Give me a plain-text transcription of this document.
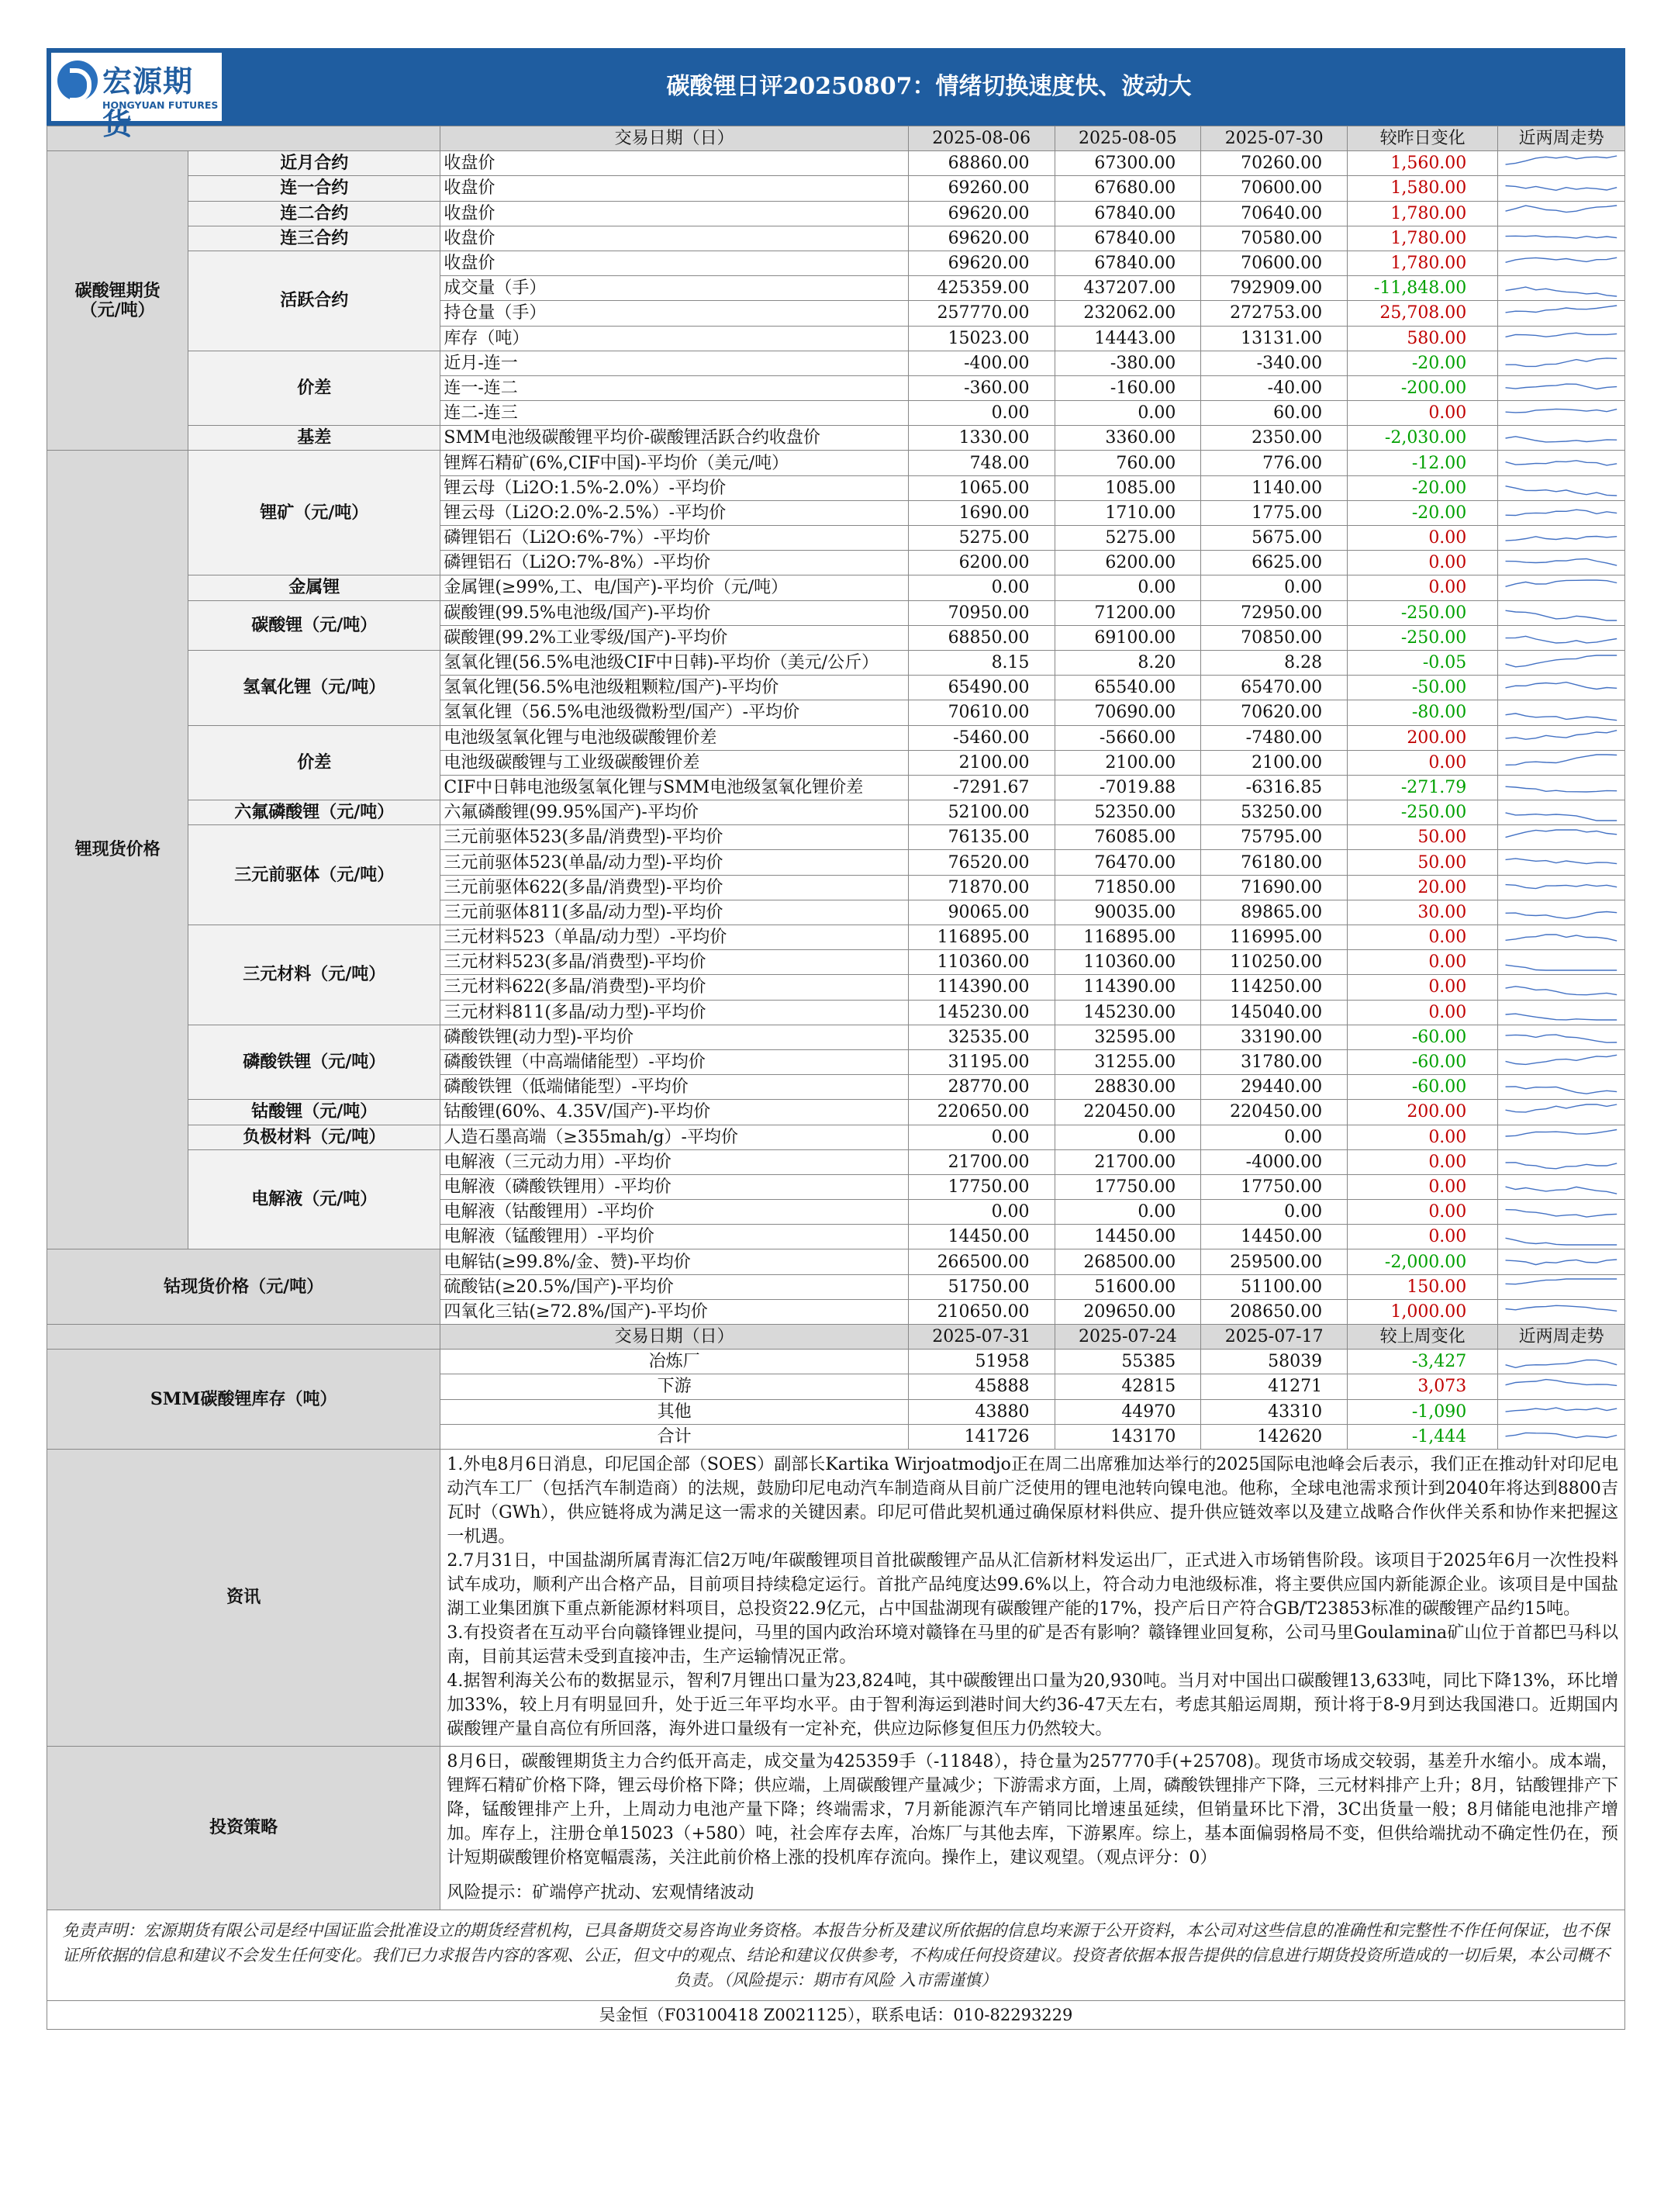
宏源期货
HONGYUAN FUTURES
碳酸锂日评20250807：情绪切换速度快、波动大
		交易日期（日）	2025-08-06	2025-08-05	2025-07-30	较昨日变化	近两周走势
碳酸锂期货
（元/吨）	近月合约	收盘价	68860.00	67300.00	70260.00	1,560.00	

	连一合约	收盘价	69260.00	67680.00	70600.00	1,580.00	

	连二合约	收盘价	69620.00	67840.00	70640.00	1,780.00	

	连三合约	收盘价	69620.00	67840.00	70580.00	1,780.00	

	活跃合约	收盘价	69620.00	67840.00	70600.00	1,780.00	

		成交量（手）	425359.00	437207.00	792909.00	-11,848.00	

		持仓量（手）	257770.00	232062.00	272753.00	25,708.00	

		库存（吨）	15023.00	14443.00	13131.00	580.00	

	价差	近月-连一	-400.00	-380.00	-340.00	-20.00	

		连一-连二	-360.00	-160.00	-40.00	-200.00	

		连二-连三	0.00	0.00	60.00	0.00	

	基差	SMM电池级碳酸锂平均价-碳酸锂活跃合约收盘价	1330.00	3360.00	2350.00	-2,030.00	

锂现货价格	锂矿（元/吨）	锂辉石精矿(6%,CIF中国)-平均价（美元/吨）	748.00	760.00	776.00	-12.00	

		锂云母（Li2O:1.5%-2.0%）-平均价	1065.00	1085.00	1140.00	-20.00	

		锂云母（Li2O:2.0%-2.5%）-平均价	1690.00	1710.00	1775.00	-20.00	

		磷锂铝石（Li2O:6%-7%）-平均价	5275.00	5275.00	5675.00	0.00	

		磷锂铝石（Li2O:7%-8%）-平均价	6200.00	6200.00	6625.00	0.00	

	金属锂	金属锂(≥99%,工、电/国产)-平均价（元/吨）	0.00	0.00	0.00	0.00	

	碳酸锂（元/吨）	碳酸锂(99.5%电池级/国产)-平均价	70950.00	71200.00	72950.00	-250.00	

		碳酸锂(99.2%工业零级/国产)-平均价	68850.00	69100.00	70850.00	-250.00	

	氢氧化锂（元/吨）	氢氧化锂(56.5%电池级CIF中日韩)-平均价（美元/公斤）	8.15	8.20	8.28	-0.05	

		氢氧化锂(56.5%电池级粗颗粒/国产)-平均价	65490.00	65540.00	65470.00	-50.00	

		氢氧化锂（56.5%电池级微粉型/国产）-平均价	70610.00	70690.00	70620.00	-80.00	

	价差	电池级氢氧化锂与电池级碳酸锂价差	-5460.00	-5660.00	-7480.00	200.00	

		电池级碳酸锂与工业级碳酸锂价差	2100.00	2100.00	2100.00	0.00	

		CIF中日韩电池级氢氧化锂与SMM电池级氢氧化锂价差	-7291.67	-7019.88	-6316.85	-271.79	

	六氟磷酸锂（元/吨）	六氟磷酸锂(99.95%国产)-平均价	52100.00	52350.00	53250.00	-250.00	

	三元前驱体（元/吨）	三元前驱体523(多晶/消费型)-平均价	76135.00	76085.00	75795.00	50.00	

		三元前驱体523(单晶/动力型)-平均价	76520.00	76470.00	76180.00	50.00	

		三元前驱体622(多晶/消费型)-平均价	71870.00	71850.00	71690.00	20.00	

		三元前驱体811(多晶/动力型)-平均价	90065.00	90035.00	89865.00	30.00	

	三元材料（元/吨）	三元材料523（单晶/动力型）-平均价	116895.00	116895.00	116995.00	0.00	

		三元材料523(多晶/消费型)-平均价	110360.00	110360.00	110250.00	0.00	

		三元材料622(多晶/消费型)-平均价	114390.00	114390.00	114250.00	0.00	

		三元材料811(多晶/动力型)-平均价	145230.00	145230.00	145040.00	0.00	

	磷酸铁锂（元/吨）	磷酸铁锂(动力型)-平均价	32535.00	32595.00	33190.00	-60.00	

		磷酸铁锂（中高端储能型）-平均价	31195.00	31255.00	31780.00	-60.00	

		磷酸铁锂（低端储能型）-平均价	28770.00	28830.00	29440.00	-60.00	

	钴酸锂（元/吨）	钴酸锂(60%、4.35V/国产)-平均价	220650.00	220450.00	220450.00	200.00	

	负极材料（元/吨）	人造石墨高端（≥355mah/g）-平均价	0.00	0.00	0.00	0.00	

	电解液（元/吨）	电解液（三元动力用）-平均价	21700.00	21700.00	-4000.00	0.00	

		电解液（磷酸铁锂用）-平均价	17750.00	17750.00	17750.00	0.00	

		电解液（钴酸锂用）-平均价	0.00	0.00	0.00	0.00	

		电解液（锰酸锂用）-平均价	14450.00	14450.00	14450.00	0.00	

钴现货价格（元/吨）		电解钴(≥99.8%/金、赞)-平均价	266500.00	268500.00	259500.00	-2,000.00	

		硫酸钴(≥20.5%/国产)-平均价	51750.00	51600.00	51100.00	150.00	

		四氧化三钴(≥72.8%/国产)-平均价	210650.00	209650.00	208650.00	1,000.00	

		交易日期（日）	2025-07-31	2025-07-24	2025-07-17	较上周变化	近两周走势
SMM碳酸锂库存（吨）		冶炼厂	51958	55385	58039	-3,427	

		下游	45888	42815	41271	3,073	

		其他	43880	44970	43310	-1,090	

		合计	141726	143170	142620	-1,444	

资讯		1.外电8月6日消息，印尼国企部（SOES）副部长Kartika Wirjoatmodjo正在周二出席雅加达举行的2025国际电池峰会后表示，我们正在推动针对印尼电动汽车工厂（包括汽车制造商）的法规，鼓励印尼电动汽车制造商从目前广泛使用的锂电池转向镍电池。他称，全球电池需求预计到2040年将达到8800吉瓦时（GWh），供应链将成为满足这一需求的关键因素。印尼可借此契机通过确保原材料供应、提升供应链效率以及建立战略合作伙伴关系和协作来把握这一机遇。

2.7月31日，中国盐湖所属青海汇信2万吨/年碳酸锂项目首批碳酸锂产品从汇信新材料发运出厂，正式进入市场销售阶段。该项目于2025年6月一次性投料试车成功，顺利产出合格产品，目前项目持续稳定运行。首批产品纯度达99.6%以上，符合动力电池级标准，将主要供应国内新能源企业。该项目是中国盐湖工业集团旗下重点新能源材料项目，总投资22.9亿元，占中国盐湖现有碳酸锂产能的17%，投产后日产符合GB/T23853标准的碳酸锂产品约15吨。

3.有投资者在互动平台向赣锋锂业提问，马里的国内政治环境对赣锋在马里的矿是否有影响？赣锋锂业回复称，公司马里Goulamina矿山位于首都巴马科以南，目前其运营未受到直接冲击，生产运输情况正常。

4.据智利海关公布的数据显示，智利7月锂出口量为23,824吨，其中碳酸锂出口量为20,930吨。当月对中国出口碳酸锂13,633吨，同比下降13%，环比增加33%，较上月有明显回升，处于近三年平均水平。由于智利海运到港时间大约36-47天左右，考虑其船运周期，预计将于8-9月到达我国港口。近期国内碳酸锂产量自高位有所回落，海外进口量级有一定补充，供应边际修复但压力仍然较大。					

投资策略		8月6日，碳酸锂期货主力合约低开高走，成交量为425359手（-11848），持仓量为257770手(+25708)。现货市场成交较弱，基差升水缩小。成本端，锂辉石精矿价格下降，锂云母价格下降；供应端，上周碳酸锂产量减少；下游需求方面，上周，磷酸铁锂排产下降，三元材料排产上升；8月，钴酸锂排产下降，锰酸锂排产上升，上周动力电池产量下降；终端需求，7月新能源汽车产销同比增速虽延续，但销量环比下滑，3C出货量一般；8月储能电池排产增加。库存上，注册仓单15023（+580）吨，社会库存去库，冶炼厂与其他去库，下游累库。综上，基本面偏弱格局不变，但供给端扰动不确定性仍在，预计短期碳酸锂价格宽幅震荡，关注此前价格上涨的投机库存流向。操作上，建议观望。（观点评分：0）

风险提示：矿端停产扰动、宏观情绪波动					

免责声明：宏源期货有限公司是经中国证监会批准设立的期货经营机构，已具备期货交易咨询业务资格。本报告分析及建议所依据的信息均来源于公开资料，本公司对这些信息的准确性和完整性不作任何保证，也不保证所依据的信息和建议不会发生任何变化。我们已力求报告内容的客观、公正，但文中的观点、结论和建议仅供参考，不构成任何投资建议。投资者依据本报告提供的信息进行期货投资所造成的一切后果，本公司概不负责。（风险提示：期市有风险 入市需谨慎）
吴金恒（F03100418 Z0021125），联系电话：010-82293229
